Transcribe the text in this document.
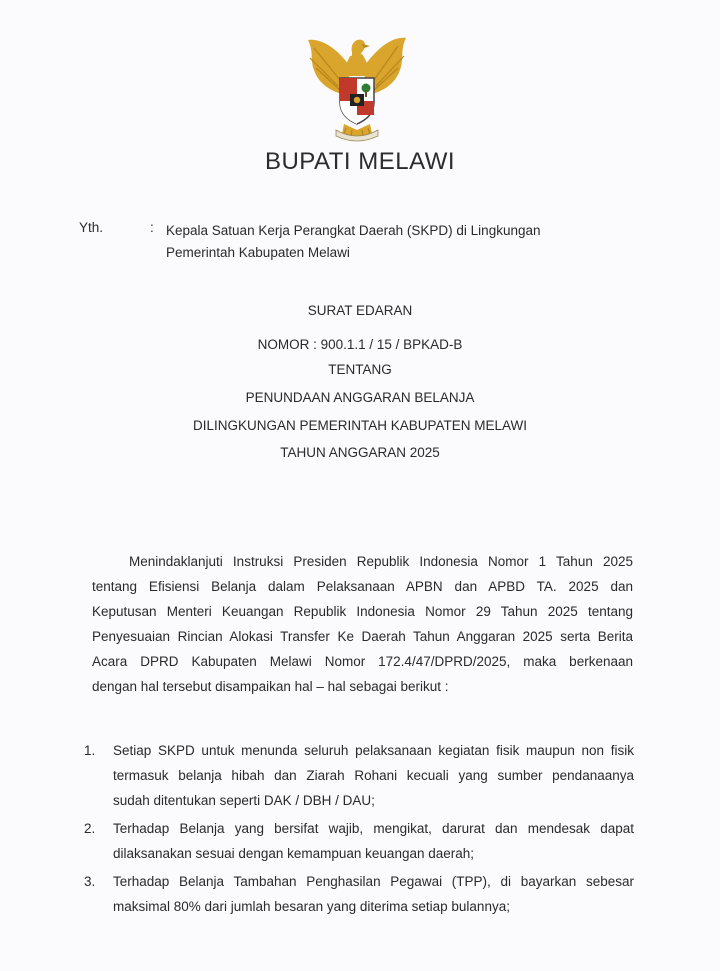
BUPATI MELAWI
Yth.	: Kepala Satuan Kerja Perangkat Daerah (SKPD) di Lingkungan
Pemerintah Kabupaten Melawi
SURAT EDARAN
NOMOR : 900.1.1 / 15 / BPKAD-B
TENTANG
PENUNDAAN ANGGARAN BELANJA
DILINGKUNGAN PEMERINTAH KABUPATEN MELAWI
TAHUN ANGGARAN 2025
Menindaklanjuti Instruksi Presiden Republik Indonesia Nomor 1 Tahun 2025
tentang Efisiensi Belanja dalam Pelaksanaan APBN dan APBD TA. 2025 dan
Keputusan Menteri Keuangan Republik Indonesia Nomor 29 Tahun 2025 tentang
Penyesuaian Rincian Alokasi Transfer Ke Daerah Tahun Anggaran 2025 serta Berita
Acara DPRD Kabupaten Melawi Nomor 172.4/47/DPRD/2025, maka berkenaan
dengan hal tersebut disampaikan hal – hal sebagai berikut :
1. Setiap SKPD untuk menunda seluruh pelaksanaan kegiatan fisik maupun non fisik
termasuk belanja hibah dan Ziarah Rohani kecuali yang sumber pendanaanya
sudah ditentukan seperti DAK / DBH / DAU;
2. Terhadap Belanja yang bersifat wajib, mengikat, darurat dan mendesak dapat
dilaksanakan sesuai dengan kemampuan keuangan daerah;
3. Terhadap Belanja Tambahan Penghasilan Pegawai (TPP), di bayarkan sebesar
maksimal 80% dari jumlah besaran yang diterima setiap bulannya;
